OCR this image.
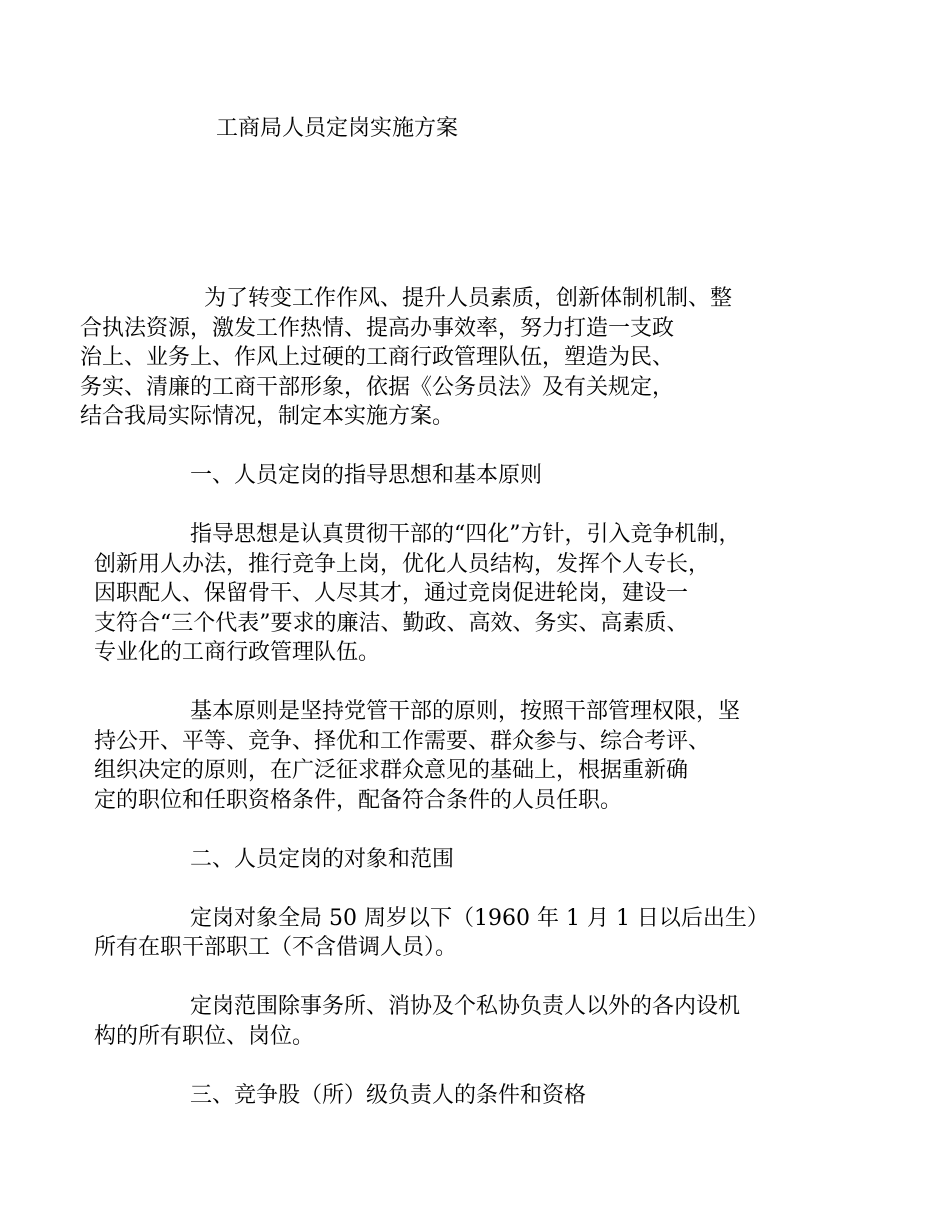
工商局人员定岗实施方案

为了转变工作作风、提升人员素质，创新体制机制、整
合执法资源，激发工作热情、提高办事效率，努力打造一支政
治上、业务上、作风上过硬的工商行政管理队伍，塑造为民、
务实、清廉的工商干部形象，依据《公务员法》及有关规定，
结合我局实际情况，制定本实施方案。

一、人员定岗的指导思想和基本原则

指导思想是认真贯彻干部的“四化”方针，引入竞争机制，
创新用人办法，推行竞争上岗，优化人员结构，发挥个人专长，
因职配人、保留骨干、人尽其才，通过竞岗促进轮岗，建设一
支符合“三个代表”要求的廉洁、勤政、高效、务实、高素质、
专业化的工商行政管理队伍。

基本原则是坚持党管干部的原则，按照干部管理权限，坚
持公开、平等、竞争、择优和工作需要、群众参与、综合考评、
组织决定的原则，在广泛征求群众意见的基础上，根据重新确
定的职位和任职资格条件，配备符合条件的人员任职。

二、人员定岗的对象和范围

定岗对象全局 50 周岁以下（1960 年 1 月 1 日以后出生）
所有在职干部职工（不含借调人员）。

定岗范围除事务所、消协及个私协负责人以外的各内设机
构的所有职位、岗位。

三、竞争股（所）级负责人的条件和资格
